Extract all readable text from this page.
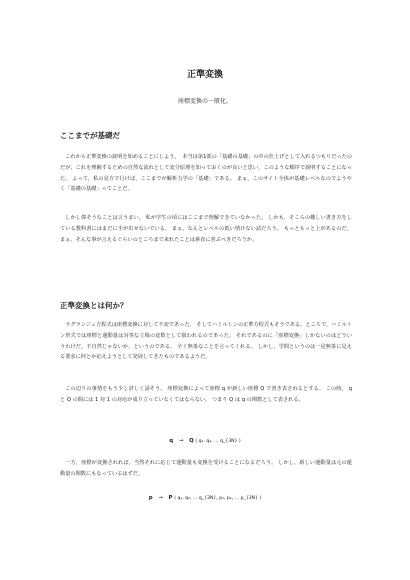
正準変換
座標変換の一般化。
ここまでが基礎だ

　これから正準変換の説明を始めることにしよう。　本当は第1部の「基礎の基礎」の中の仕上げとして入れるつもりだったのだが，これを理解するための自然な流れとして変分原理を知っておくのが良いと思い，このような順序で説明することになった。 よって，私の見方で行けば，ここまでが解析力学の「基礎」である。 まぁ，このサイト全体が基礎レベルなのでようやく「基礎の基礎」ってことだ。

　しかし偉そうなことは言うまい。 私が学生の頃にはここまで理解できていなかった。 しかも，そこらの難しい書き方をしている教科書にはまだに手が出せないでいる。 まぁ，なんとレベルの低い情けない話だろう。 もっともっと上があるのだ。 まぁ，そんな事が言えるぐらいのところまで来れたことは素直に喜ぶべきだろうか。

正準変換とは何か？

　ラグランジュ方程式は座標変換に対して不変であった。 そしてハミルトンの正準方程式もそうである。ところで，ハミルトン形式では座標と運動量は対等な立場の変数として扱われるのであった。 それであるのに「座標変換」しかないのはどういうわけだ。不自然じゃないか，というのである。 全く無茶なことを言ってくれる。 しかし，学問というのは一見無茶に見える要求に何とか応えようとして発展してきたものであるようだ。

　この辺りの事情をもう少し詳しく話そう。 座標変換によって座標 q が新しい座標 Q で書き表されるとする。 この時， q と Q の間には 1 対 1 の対応が成り立っていなくてはならない。 つまり Q は q の関数として表される。

q → Q ( q₁, q₂, … q_{3N} )

　一方，座標が変換されれば，当然それに応じて運動量も変換を受けることになるだろう。 しかし，新しい運動量は元の運動量の関数にもなっているはずだ。

p → P ( q₁, q₂, … q_{3N}, p₁, p₂, … p_{3N} )
